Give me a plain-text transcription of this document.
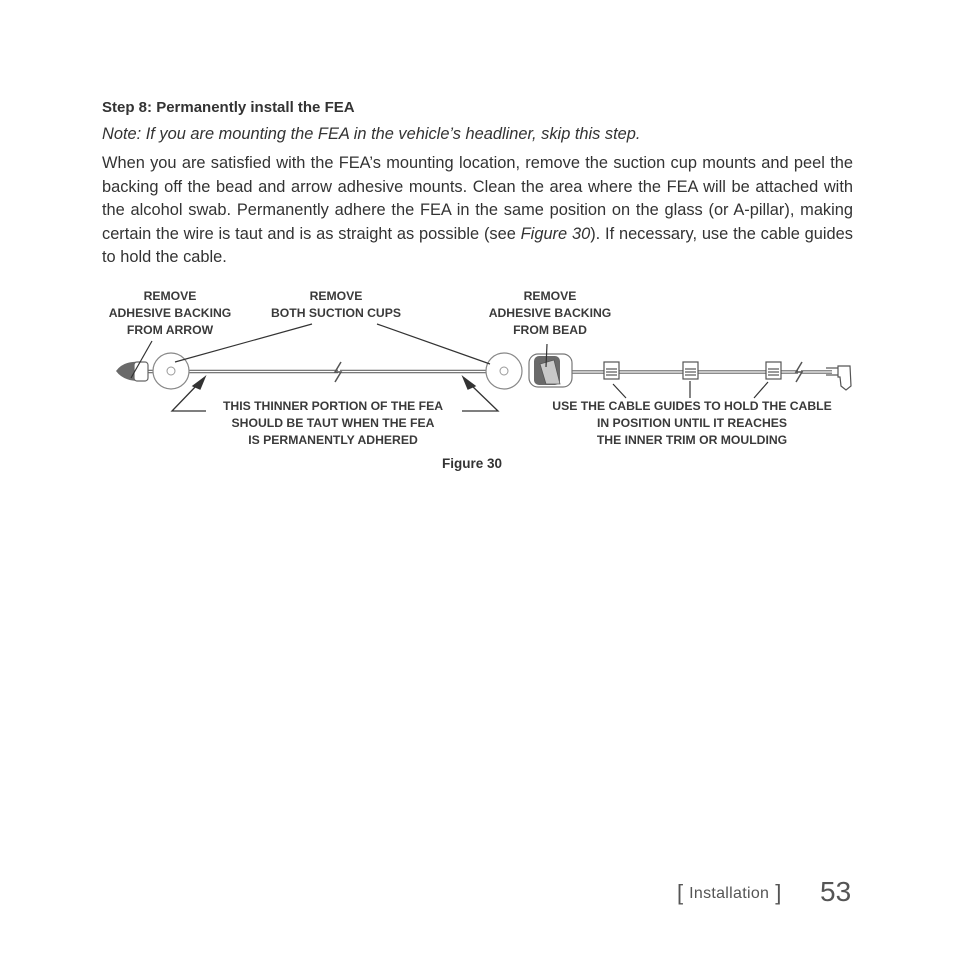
Step 8: Permanently install the FEA
Note: If you are mounting the FEA in the vehicle’s headliner, skip this step.

When you are satisfied with the FEA’s mounting location, remove the suction cup mounts and peel the backing off the bead and arrow adhesive mounts. Clean the area where the FEA will be attached with the alcohol swab. Permanently adhere the FEA in the same position on the glass (or A-pillar), making certain the wire is taut and is as straight as possible (see Figure 30). If necessary, use the cable guides to hold the cable.

REMOVE
ADHESIVE BACKING
FROM ARROW
REMOVE
BOTH SUCTION CUPS
REMOVE
ADHESIVE BACKING
FROM BEAD
THIS THINNER PORTION OF THE FEA
SHOULD BE TAUT WHEN THE FEA
IS PERMANENTLY ADHERED
USE THE CABLE GUIDES TO HOLD THE CABLE
IN POSITION UNTIL IT REACHES
THE INNER TRIM OR MOULDING
Figure 30
[ Installation ] 53
